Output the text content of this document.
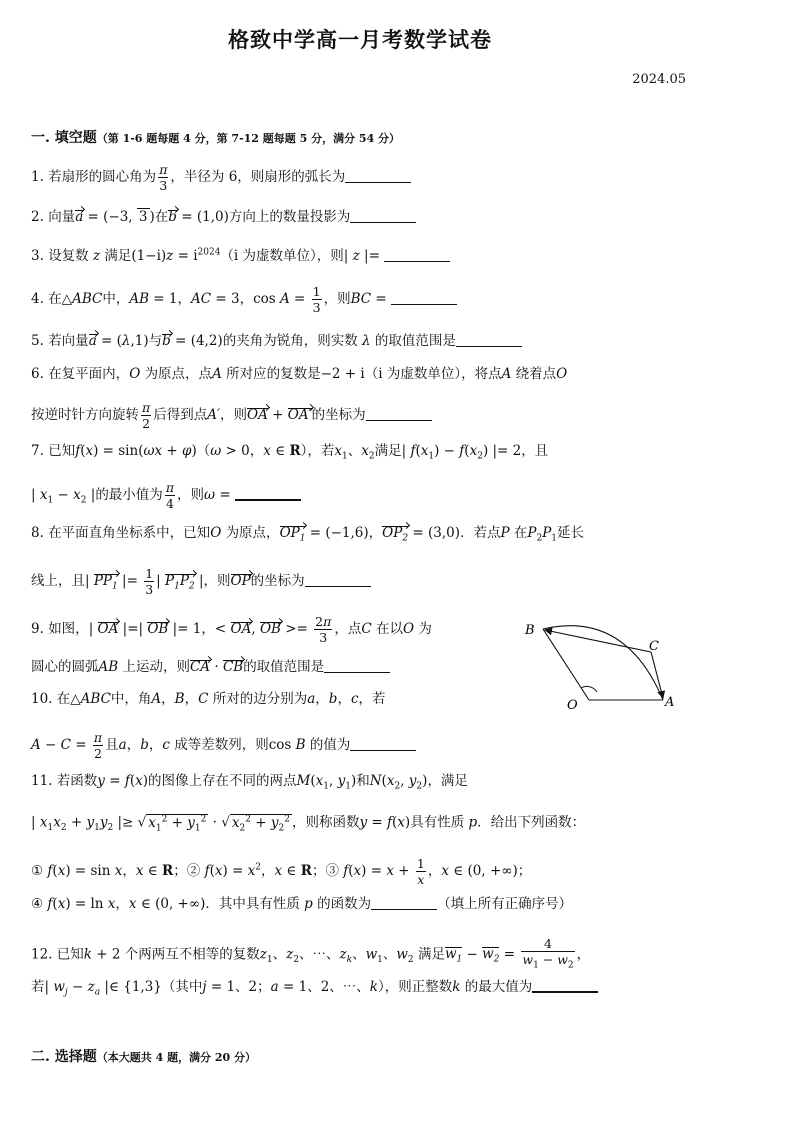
格致中学高一月考数学试卷
2024.05
一. 填空题（第 1-6 题每题 4 分，第 7-12 题每题 5 分，满分 54 分）
1. 若扇形的圆心角为 $\frac{\pi}{3}$ ，半径为 6，则扇形的弧长为
2. 向量a = (−3, 3 )在b = (1,0)方向上的数量投影为
3. 设复数 z 满足$(1-i)z = i^{2024}(i$ 为虚数单位），则| z |=
4. 在△ABC中，AB = 1，AC = 3，$\cos A = \frac{1}{3}$ ，则BC =
5. 若向量a = (λ,1)与b = (4,2)的夹角为锐角，则实数 λ 的取值范围是
6. 在复平面内，O 为原点，点A 所对应的复数是−2 + i（i 为虚数单位），将点A 绕着点O
按逆时针方向旋转 $\frac{\pi}{2}$ 后得到点A′，则OA + OA′的坐标为
7. 已知f(x) = sin(ωx + φ)（ω > 0，x ∈ R），若$x_1$、$x_2$满足| $f(x_1) - f(x_2)$ |= 2，且
| $x_1 - x_2$ |的最小值为 $\frac{\pi}{4}$ ，则ω =
8. 在平面直角坐标系中，已知O 为原点，$OP_1 = (-1,6)$，$OP_2 = (3,0)$．若点P 在$P_2P_1$延长
线上，且| $PP_1$ |= $\frac{1}{3}$ | $P_1P_2$ |，则OP的坐标为
9. 如图，| OA |=| OB |= 1，< OA, OB >= $\frac{2\pi}{3}$ ，点C 在以O 为
圆心的圆弧AB 上运动，则CA · CB的取值范围是
B
C
O	A
10. 在△ABC中，角A，B，C 所对的边分别为a，b，c，若
$A - C = \frac{\pi}{2}$ 且a，b，c 成等差数列，则cos B 的值为
11. 若函数y = f(x)的图像上存在不同的两点$M(x_1$, $y_1$)和$N(x_2$, $y_2$)，满足
| $x_1x_2 + y_1y_2$ |≥ √ $x_1^2 + y_1^2$ · √ $x_2^2 + y_2^2$ ，则称函数y = f(x)具有性质 p．给出下列函数：
① f(x) = sin x，x ∈ R；② $f(x) = x^2$，x ∈ R；③ $f(x) = x + \frac{1}{x}$ ，x ∈ (0, +∞)；
④ f(x) = ln x，x ∈ (0, +∞)．其中具有性质 p 的函数为	（填上所有正确序号）
12. 已知k + 2 个两两互不相等的复数$z_1$、$z_2$、⋯、$z_k$、$w_1$、$w_2$ 满足$w_1 - w_2 = \frac{4}{w_1 - w_2}$ ，
若| $w_j - z_a$ |∈ {1,3}（其中j = 1、2；a = 1、2、⋯、k），则正整数k 的最大值为
二. 选择题（本大题共 4 题，满分 20 分）
